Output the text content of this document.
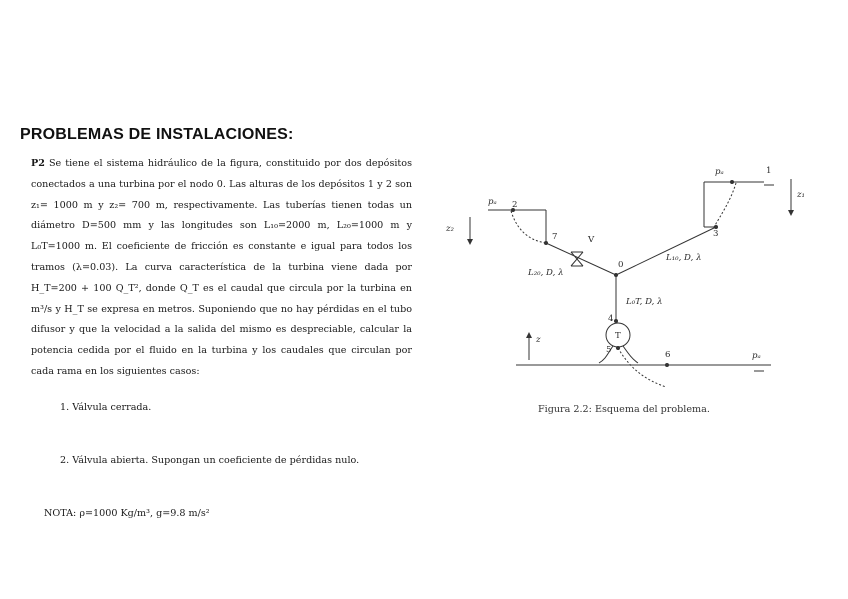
PROBLEMAS DE INSTALACIONES:
P2 Se tiene el sistema hidráulico de la figura, constituido por dos depósitos conectados a una turbina por el nodo 0. Las alturas de los depósitos 1 y 2 son z₁= 1000 m y z₂= 700 m, respectivamente. Las tuberías tienen todas un diámetro D=500 mm y las longitudes son L₁₀=2000 m, L₂₀=1000 m y L₀T=1000 m. El coeficiente de fricción es constante e igual para todos los tramos (λ=0.03). La curva característica de la turbina viene dada por H_T=200 + 100 Q_T², donde Q_T es el caudal que circula por la turbina en m³/s y H_T se expresa en metros. Suponiendo que no hay pérdidas en el tubo difusor y que la velocidad a la salida del mismo es despreciable, calcular la potencia cedida por el fluido en la turbina y los caudales que circulan por cada rama en los siguientes casos:
1. Válvula cerrada.
2. Válvula abierta. Supongan un coeficiente de pérdidas nulo.
NOTA: ρ=1000 Kg/m³, g=9.8 m/s²
pₐ	1
z₁
3
pₐ 2
z₂
7	V
0
L₂₀, D, λ
L₁₀, D, λ
L₀T, D, λ
4
T
z
5	6	pₐ
Figura 2.2: Esquema del problema.
